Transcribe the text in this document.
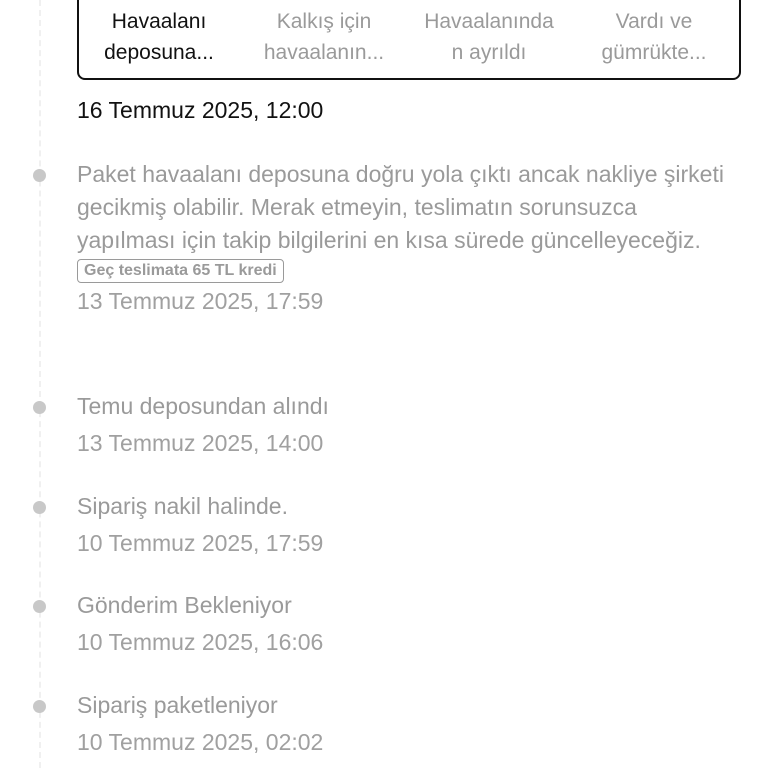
Havaalanı
deposuna...
Kalkış için
havaalanın...
Havaalanında
n ayrıldı
Vardı ve
gümrükte...
16 Temmuz 2025, 12:00
Paket havaalanı deposuna doğru yola çıktı ancak nakliye şirketi gecikmiş olabilir. Merak etmeyin, teslimatın sorunsuzca yapılması için takip bilgilerini en kısa sürede güncelleyeceğiz.
Geç teslimata 65 TL kredi
13 Temmuz 2025, 17:59
Temu deposundan alındı
13 Temmuz 2025, 14:00
Sipariş nakil halinde.
10 Temmuz 2025, 17:59
Gönderim Bekleniyor
10 Temmuz 2025, 16:06
Sipariş paketleniyor
10 Temmuz 2025, 02:02
